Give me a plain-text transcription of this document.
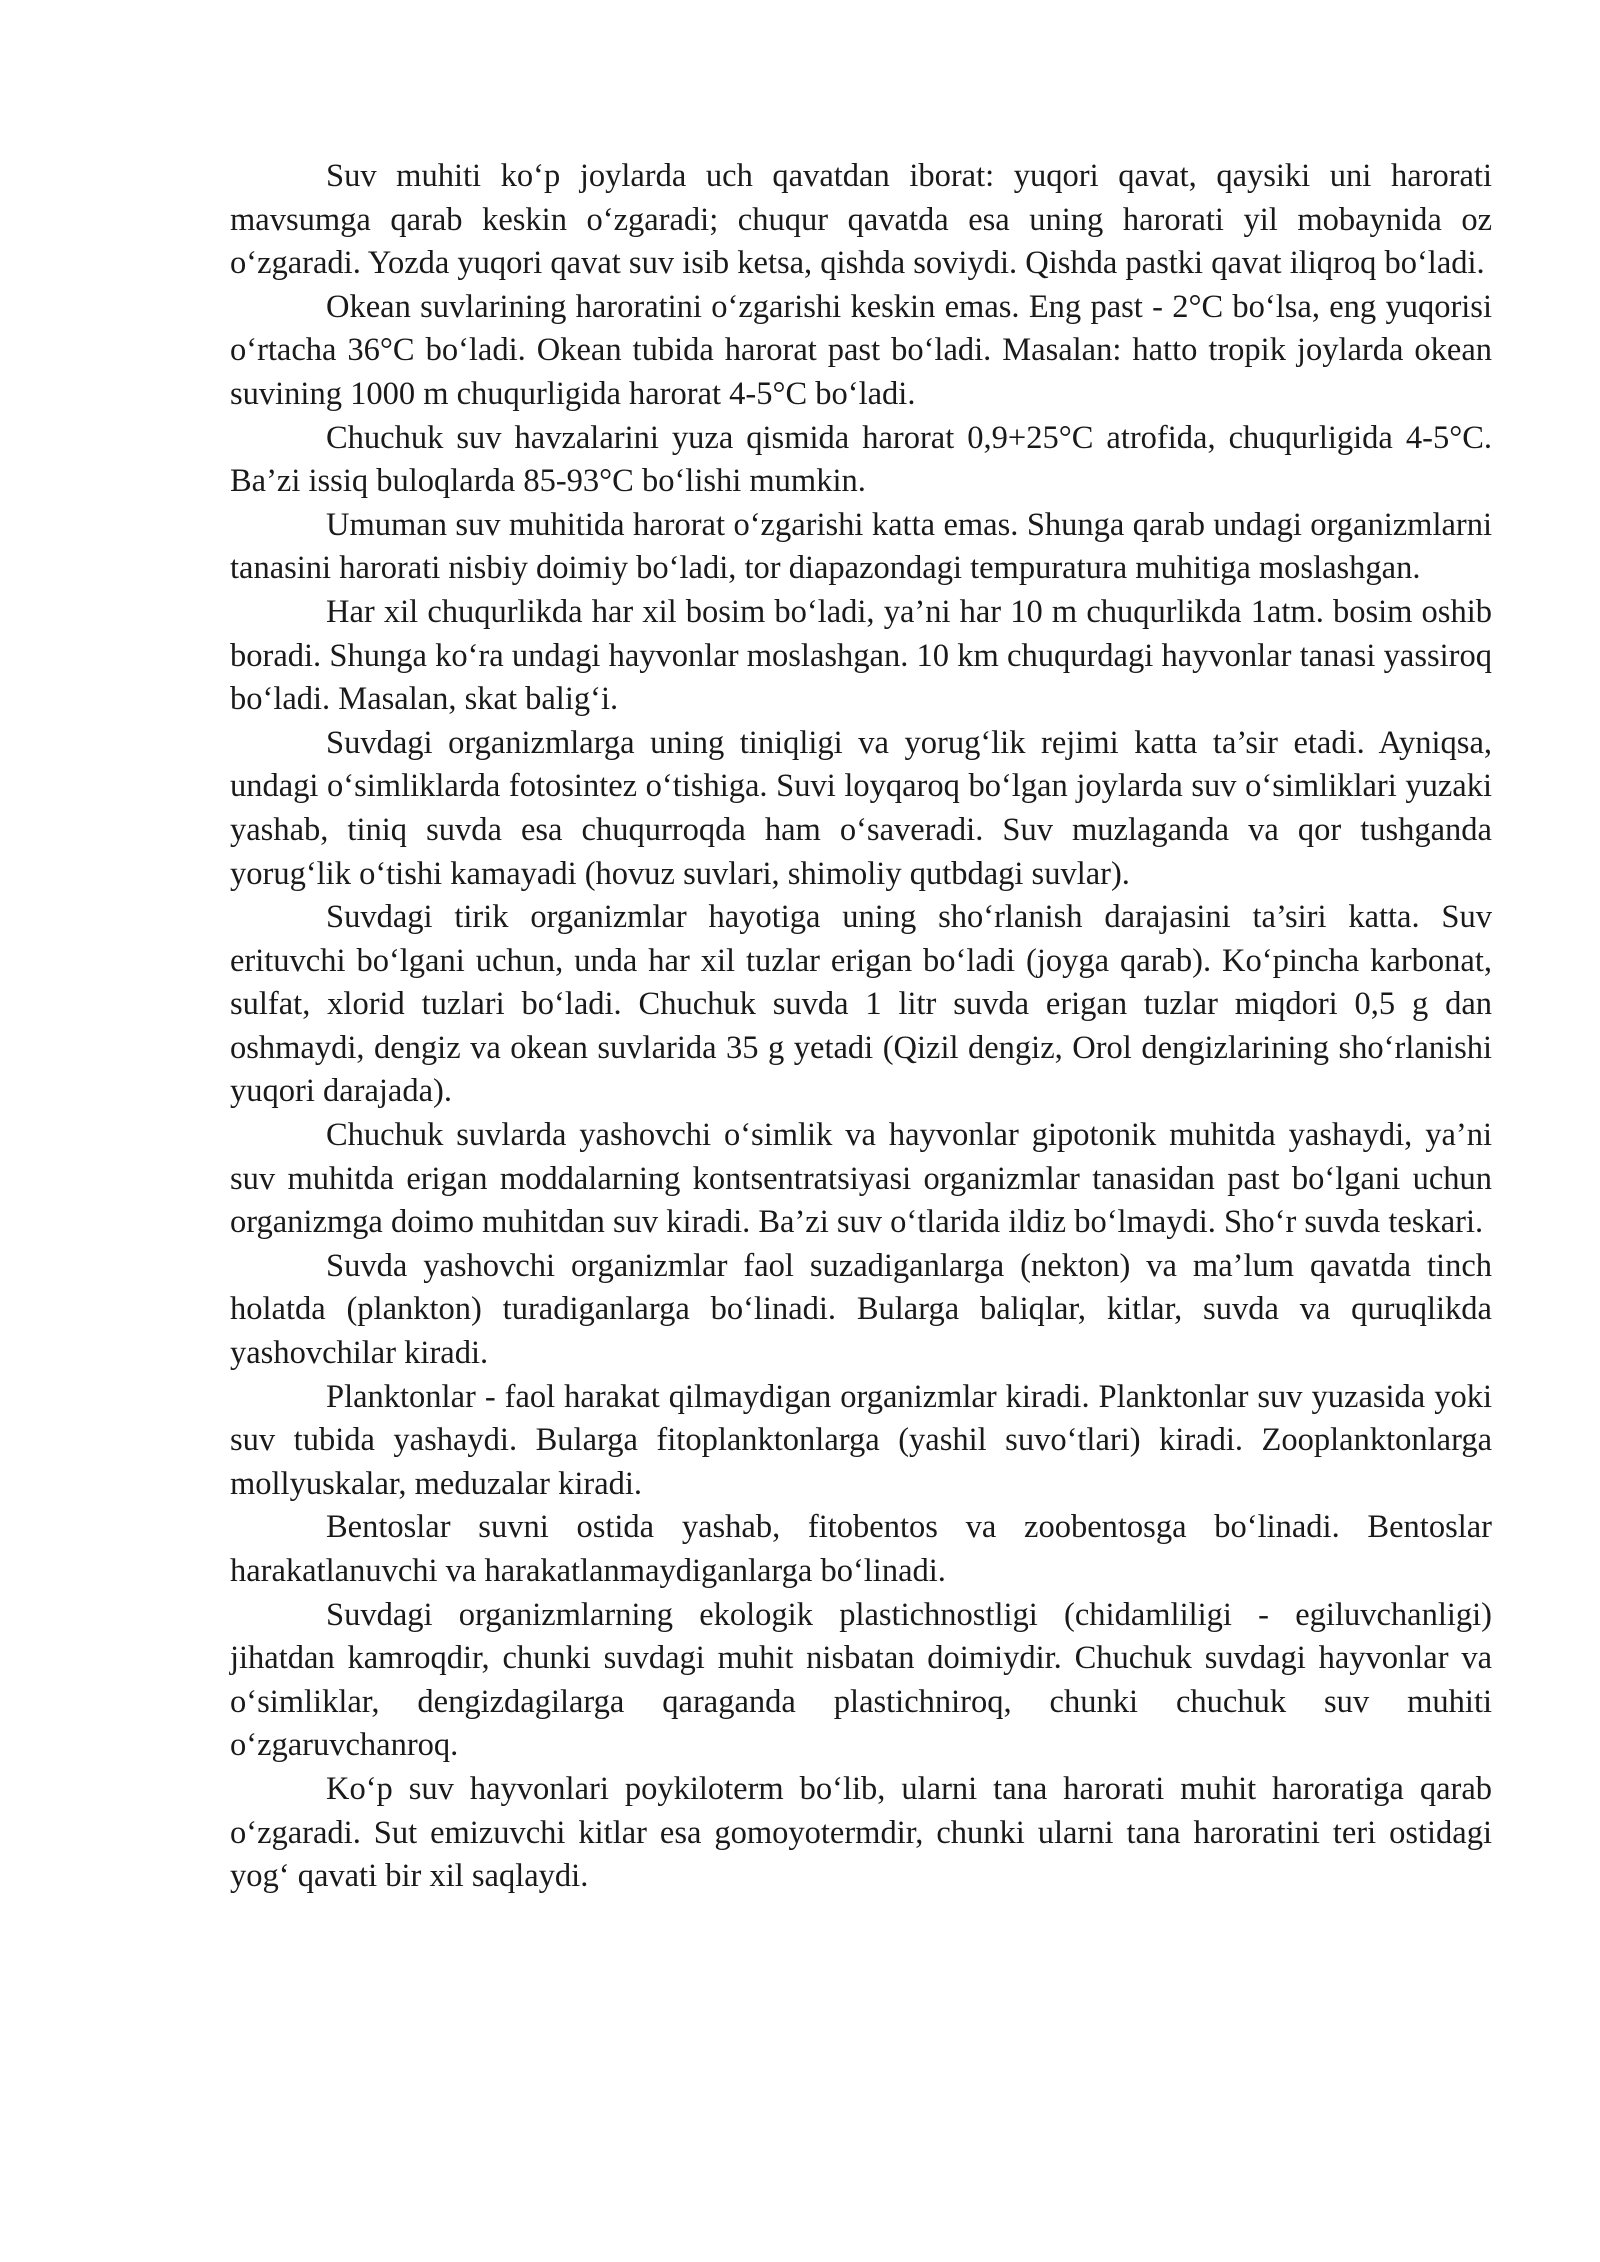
Suv muhiti ko‘p joylarda uch qavatdan iborat: yuqori qavat, qaysiki uni harorati mavsumga qarab keskin o‘zgaradi; chuqur qavatda esa uning harorati yil mobaynida oz o‘zgaradi. Yozda yuqori qavat suv isib ketsa, qishda soviydi. Qishda pastki qavat iliqroq bo‘ladi.

Okean suvlarining haroratini o‘zgarishi keskin emas. Eng past - 2°C bo‘lsa, eng yuqorisi o‘rtacha 36°C bo‘ladi. Okean tubida harorat past bo‘ladi. Masalan: hatto tropik joylarda okean suvining 1000 m chuqurligida harorat 4-5°C bo‘ladi.

Chuchuk suv havzalarini yuza qismida harorat 0,9+25°C atrofida, chuqurligida 4-5°C. Ba’zi issiq buloqlarda 85-93°C bo‘lishi mumkin.

Umuman suv muhitida harorat o‘zgarishi katta emas. Shunga qarab undagi organizmlarni tanasini harorati nisbiy doimiy bo‘ladi, tor diapazondagi tempuratura muhitiga moslashgan.

Har xil chuqurlikda har xil bosim bo‘ladi, ya’ni har 10 m chuqurlikda 1atm. bosim oshib boradi. Shunga ko‘ra undagi hayvonlar moslashgan. 10 km chuqurdagi hayvonlar tanasi yassiroq bo‘ladi. Masalan, skat balig‘i.

Suvdagi organizmlarga uning tiniqligi va yorug‘lik rejimi katta ta’sir etadi. Ayniqsa, undagi o‘simliklarda fotosintez o‘tishiga. Suvi loyqaroq bo‘lgan joylarda suv o‘simliklari yuzaki yashab, tiniq suvda esa chuqurroqda ham o‘saveradi. Suv muzlaganda va qor tushganda yorug‘lik o‘tishi kamayadi (hovuz suvlari, shimoliy qutbdagi suvlar).

Suvdagi tirik organizmlar hayotiga uning sho‘rlanish darajasini ta’siri katta. Suv erituvchi bo‘lgani uchun, unda har xil tuzlar erigan bo‘ladi (joyga qarab). Ko‘pincha karbonat, sulfat, xlorid tuzlari bo‘ladi. Chuchuk suvda 1 litr suvda erigan tuzlar miqdori 0,5 g dan oshmaydi, dengiz va okean suvlarida 35 g yetadi (Qizil dengiz, Orol dengizlarining sho‘rlanishi yuqori darajada).

Chuchuk suvlarda yashovchi o‘simlik va hayvonlar gipotonik muhitda yashaydi, ya’ni suv muhitda erigan moddalarning kontsentratsiyasi organizmlar tanasidan past bo‘lgani uchun organizmga doimo muhitdan suv kiradi. Ba’zi suv o‘tlarida ildiz bo‘lmaydi. Sho‘r suvda teskari.

Suvda yashovchi organizmlar faol suzadiganlarga (nekton) va ma’lum qavatda tinch holatda (plankton) turadiganlarga bo‘linadi. Bularga baliqlar, kitlar, suvda va quruqlikda yashovchilar kiradi.

Planktonlar - faol harakat qilmaydigan organizmlar kiradi. Planktonlar suv yuzasida yoki suv tubida yashaydi. Bularga fitoplanktonlarga (yashil suvo‘tlari) kiradi. Zooplanktonlarga mollyuskalar, meduzalar kiradi.

Bentoslar suvni ostida yashab, fitobentos va zoobentosga bo‘linadi. Bentoslar harakatlanuvchi va harakatlanmaydiganlarga bo‘linadi.

Suvdagi organizmlarning ekologik plastichnostligi (chidamliligi - egiluvchanligi) jihatdan kamroqdir, chunki suvdagi muhit nisbatan doimiydir. Chuchuk suvdagi hayvonlar va o‘simliklar, dengizdagilarga qaraganda plastichniroq, chunki chuchuk suv muhiti o‘zgaruvchanroq.

Ko‘p suv hayvonlari poykiloterm bo‘lib, ularni tana harorati muhit haroratiga qarab o‘zgaradi. Sut emizuvchi kitlar esa gomoyotermdir, chunki ularni tana haroratini teri ostidagi yog‘ qavati bir xil saqlaydi.
